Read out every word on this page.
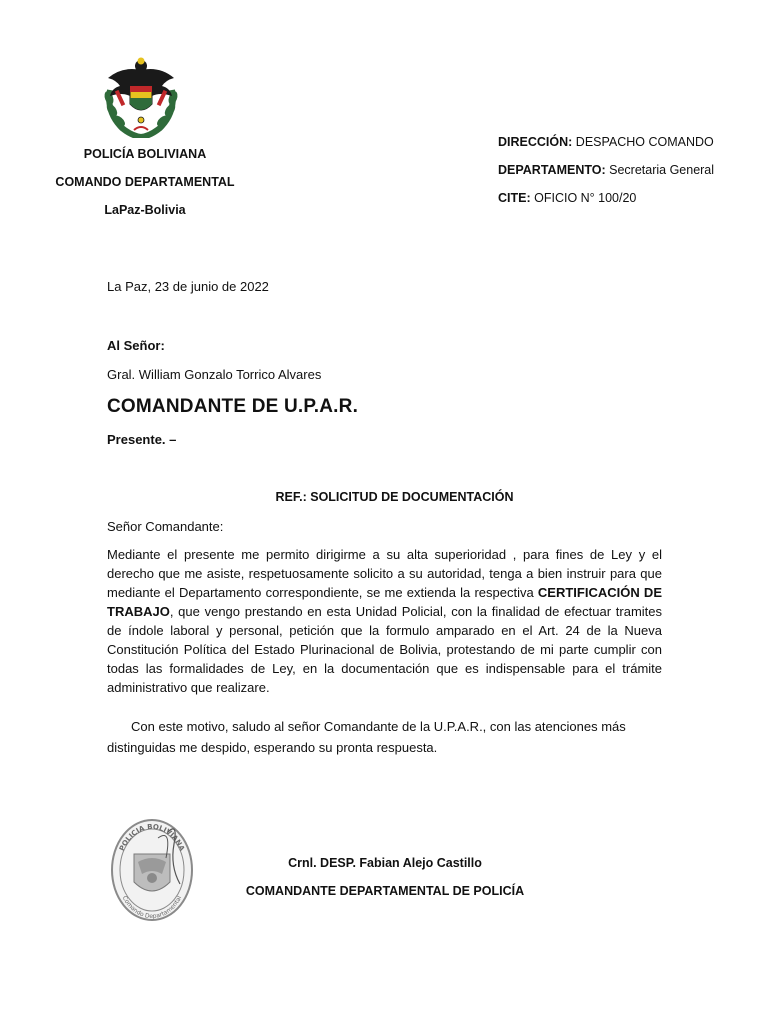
POLICÍA BOLIVIANA
COMANDO DEPARTAMENTAL
LaPaz-Bolivia
DIRECCIÓN: DESPACHO COMANDO
DEPARTAMENTO: Secretaria General
CITE: OFICIO N° 100/20
La Paz, 23 de junio de 2022
Al Señor:
Gral. William Gonzalo Torrico Alvares
COMANDANTE DE U.P.A.R.
Presente. –
REF.: SOLICITUD DE DOCUMENTACIÓN
Señor Comandante:
Mediante el presente me permito dirigirme a su alta superioridad , para fines de Ley y el derecho que me asiste, respetuosamente solicito a su autoridad, tenga a bien instruir para que mediante el Departamento correspondiente, se me extienda la respectiva CERTIFICACIÓN DE TRABAJO, que vengo prestando en esta Unidad Policial, con la finalidad de efectuar tramites de índole laboral y personal, petición que la formulo amparado en el Art. 24 de la Nueva Constitución Política del Estado Plurinacional de Bolivia, protestando de mi parte cumplir con todas las formalidades de Ley, en la documentación que es indispensable para el trámite administrativo que realizare.
Con este motivo, saludo al señor Comandante de la U.P.A.R., con las atenciones más distinguidas me despido, esperando su pronta respuesta.
POLICIA BOLIVIANA
Comando Departamental
Crnl. DESP. Fabian Alejo Castillo
COMANDANTE DEPARTAMENTAL DE POLICÍA
